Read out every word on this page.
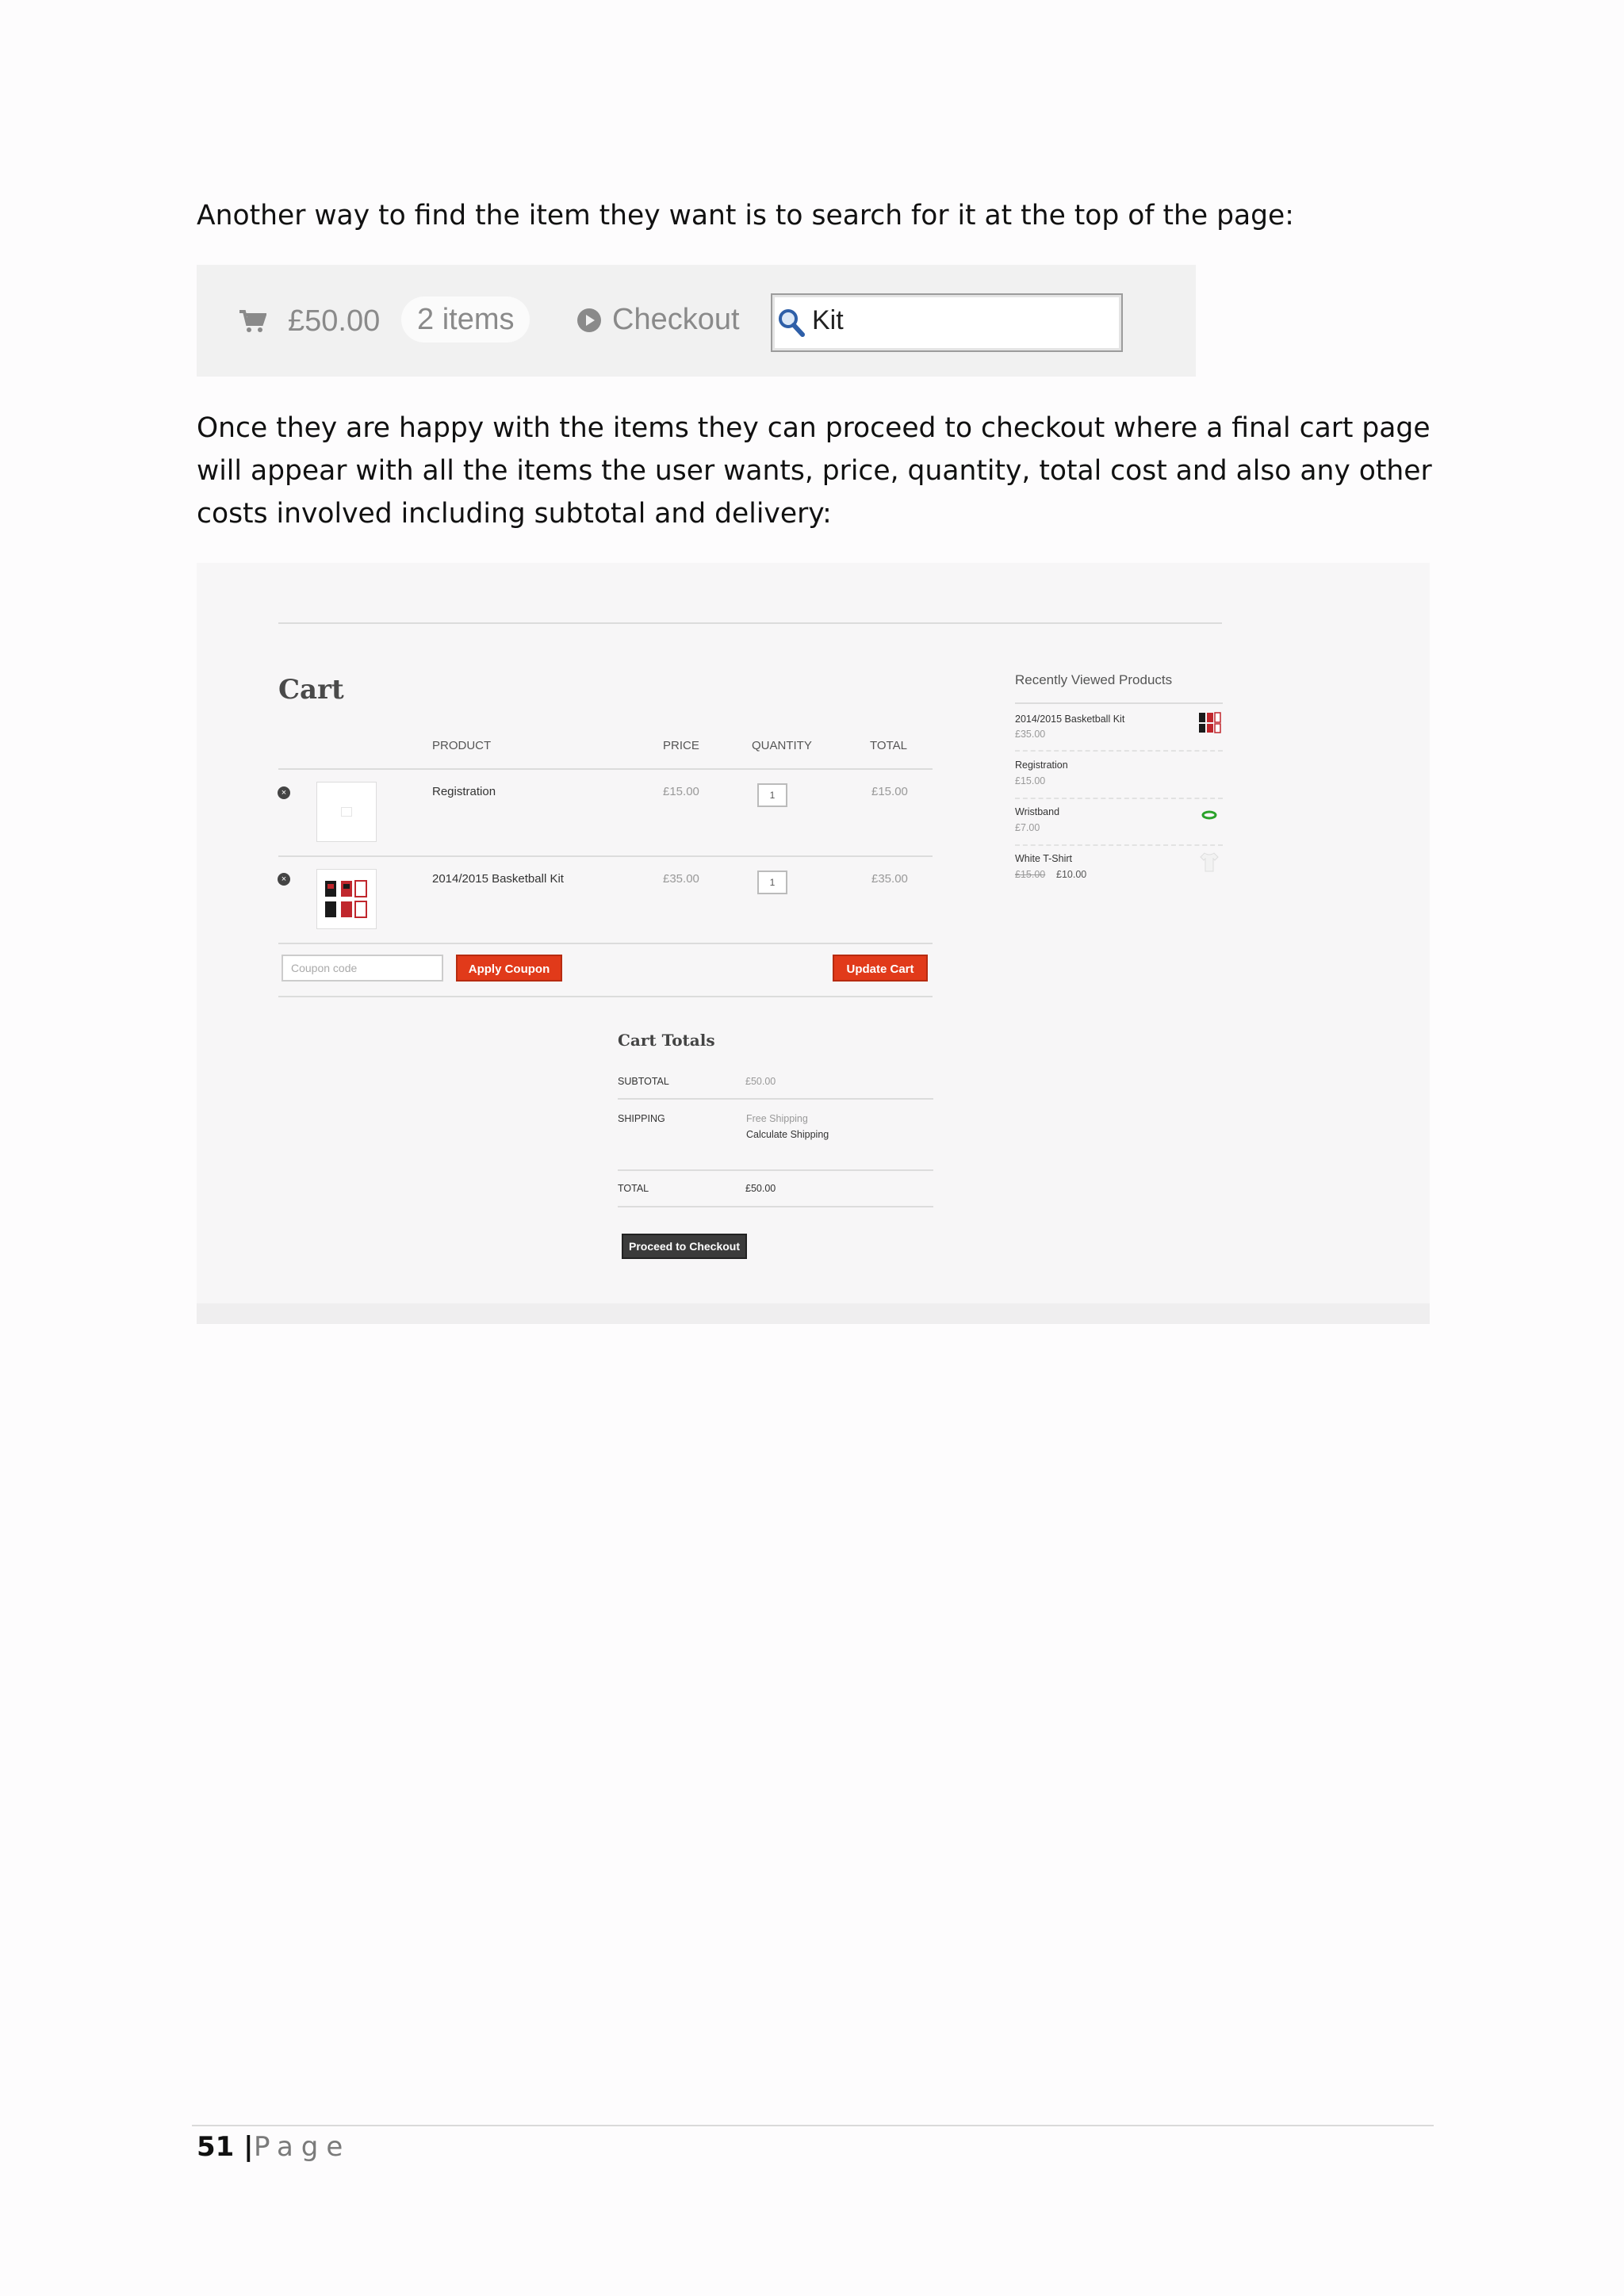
Another way to find the item they want is to search for it at the top of the page:

£50.00	2 items	Checkout	Kit

Once they are happy with the items they can proceed to checkout where a final cart page will appear with all the items the user wants, price, quantity, total cost and also any other costs involved including subtotal and delivery:

Cart
PRODUCT	PRICE	QUANTITY	TOTAL
×	Registration	£15.00	1	£15.00
×	2014/2015 Basketball Kit	£35.00	1	£35.00
Coupon code	Apply Coupon	Update Cart
Cart Totals
SUBTOTAL	£50.00
SHIPPING	Free Shipping
Calculate Shipping
TOTAL	£50.00
Proceed to Checkout
Recently Viewed Products
2014/2015 Basketball Kit
£35.00
Registration
£15.00
Wristband
£7.00
White T-Shirt
£15.00 £10.00
51 | Page
